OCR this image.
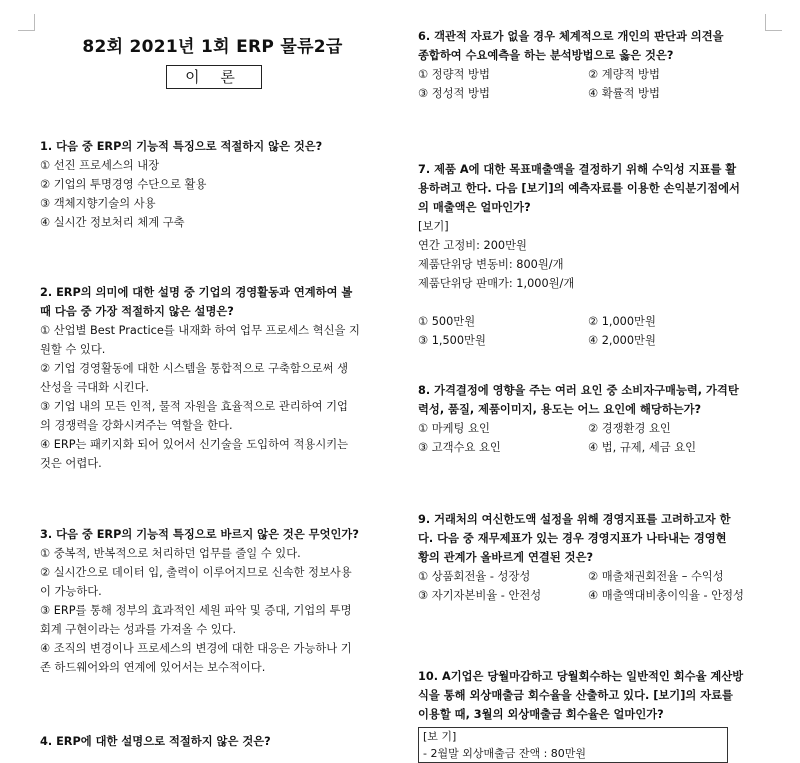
82회 2021년 1회 ERP 물류2급
이 론
1. 다음 중 ERP의 기능적 특징으로 적절하지 않은 것은?
① 선진 프로세스의 내장
② 기업의 투명경영 수단으로 활용
③ 객체지향기술의 사용
④ 실시간 정보처리 체계 구축
2. ERP의 의미에 대한 설명 중 기업의 경영활동과 연계하여 볼
때 다음 중 가장 적절하지 않은 설명은?
① 산업별 Best Practice를 내재화 하여 업무 프로세스 혁신을 지
원할 수 있다.
② 기업 경영활동에 대한 시스템을 통합적으로 구축함으로써 생
산성을 극대화 시킨다.
③ 기업 내의 모든 인적, 물적 자원을 효율적으로 관리하여 기업
의 경쟁력을 강화시켜주는 역할을 한다.
④ ERP는 패키지화 되어 있어서 신기술을 도입하여 적용시키는
것은 어렵다.
3. 다음 중 ERP의 기능적 특징으로 바르지 않은 것은 무엇인가?
① 중복적, 반복적으로 처리하던 업무를 줄일 수 있다.
② 실시간으로 데이터 입, 출력이 이루어지므로 신속한 정보사용
이 가능하다.
③ ERP를 통해 정부의 효과적인 세원 파악 및 증대, 기업의 투명
회계 구현이라는 성과를 가져올 수 있다.
④ 조직의 변경이나 프로세스의 변경에 대한 대응은 가능하나 기
존 하드웨어와의 연계에 있어서는 보수적이다.
4. ERP에 대한 설명으로 적절하지 않은 것은?
6. 객관적 자료가 없을 경우 체계적으로 개인의 판단과 의견을
종합하여 수요예측을 하는 분석방법으로 옳은 것은?
① 정량적 방법	② 계량적 방법
③ 정성적 방법	④ 확률적 방법
7. 제품 A에 대한 목표매출액을 결정하기 위해 수익성 지표를 활
용하려고 한다. 다음 [보기]의 예측자료를 이용한 손익분기점에서
의 매출액은 얼마인가?
[보기]
연간 고정비: 200만원
제품단위당 변동비: 800원/개
제품단위당 판매가: 1,000원/개
① 500만원	② 1,000만원
③ 1,500만원	④ 2,000만원
8. 가격결정에 영향을 주는 여러 요인 중 소비자구매능력, 가격탄
력성, 품질, 제품이미지, 용도는 어느 요인에 해당하는가?
① 마케팅 요인	② 경쟁환경 요인
③ 고객수요 요인	④ 법, 규제, 세금 요인
9. 거래처의 여신한도액 설정을 위해 경영지표를 고려하고자 한
다. 다음 중 재무제표가 있는 경우 경영지표가 나타내는 경영현
황의 관계가 올바르게 연결된 것은?
① 상품회전율 - 성장성	② 매출채권회전율 – 수익성
③ 자기자본비율 - 안전성	④ 매출액대비총이익율 - 안정성
10. A기업은 당월마감하고 당월회수하는 일반적인 회수율 계산방
식을 통해 외상매출금 회수율을 산출하고 있다. [보기]의 자료를
이용할 때, 3월의 외상매출금 회수율은 얼마인가?
[보 기]
- 2월말 외상매출금 잔액 : 80만원
